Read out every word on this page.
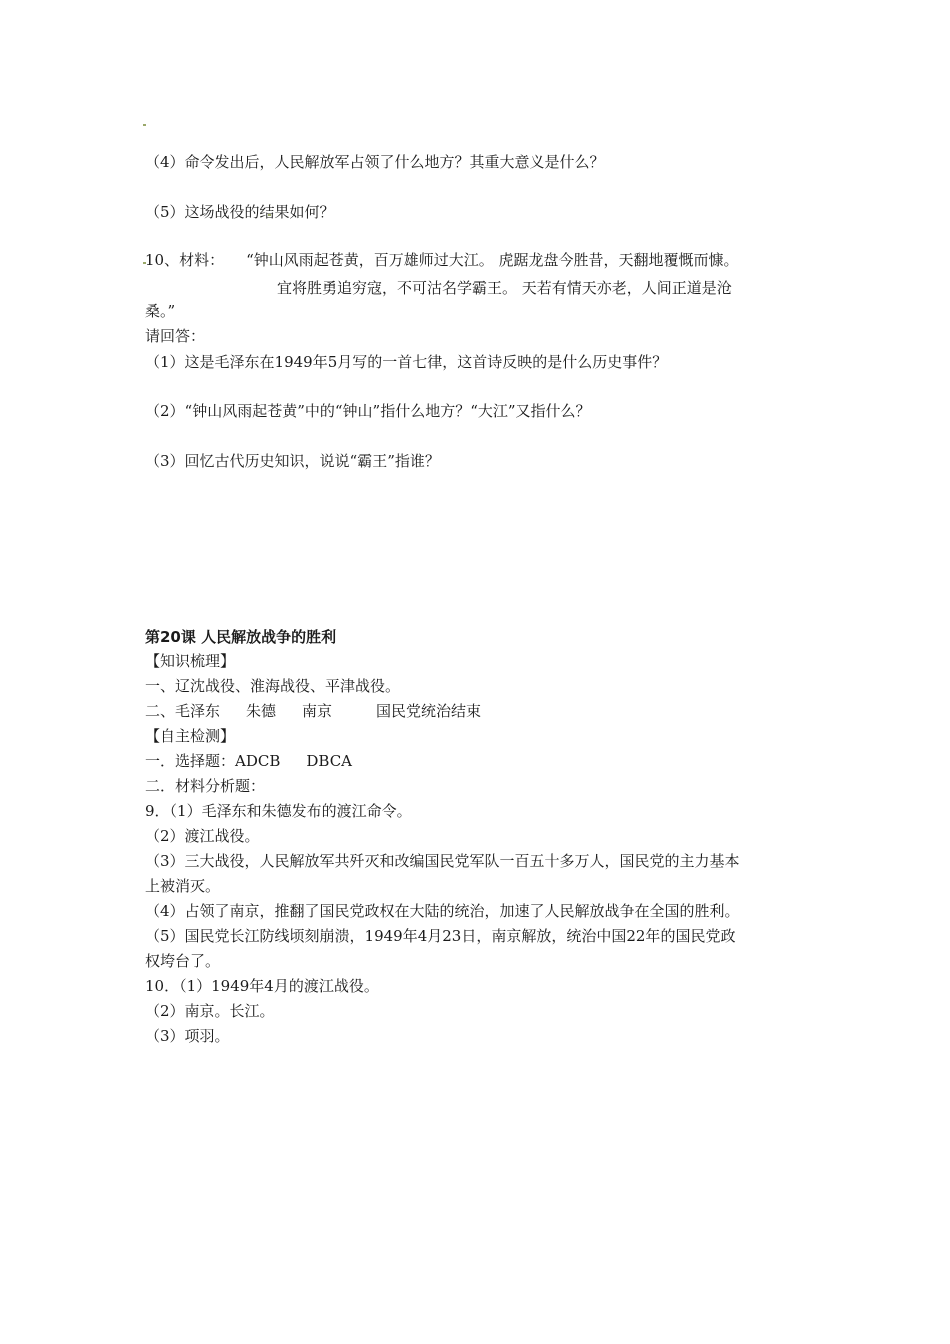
（4）命令发出后，人民解放军占领了什么地方？其重大意义是什么？

（5）这场战役的结果如何？

10、材料： “钟山风雨起苍黄，百万雄师过大江。 虎踞龙盘今胜昔，天翻地覆慨而慷。

宜将胜勇追穷寇，不可沽名学霸王。 天若有情天亦老，人间正道是沧

桑。”

请回答：

（1）这是毛泽东在1949年5月写的一首七律，这首诗反映的是什么历史事件？

（2）“钟山风雨起苍黄”中的“钟山”指什么地方？“大江”又指什么？

（3）回忆古代历史知识，说说“霸王”指谁？

第20课 人民解放战争的胜利

【知识梳理】

一、辽沈战役、淮海战役、平津战役。

二、毛泽东 朱德 南京	国民党统治结束

【自主检测】

一．选择题：ADCB DBCA

二．材料分析题：

9．（1）毛泽东和朱德发布的渡江命令。

（2）渡江战役。

（3）三大战役，人民解放军共歼灭和改编国民党军队一百五十多万人，国民党的主力基本

上被消灭。

（4）占领了南京，推翻了国民党政权在大陆的统治，加速了人民解放战争在全国的胜利。

（5）国民党长江防线顷刻崩溃，1949年4月23日，南京解放，统治中国22年的国民党政

权垮台了。

10．（1）1949年4月的渡江战役。

（2）南京。长江。

（3）项羽。
